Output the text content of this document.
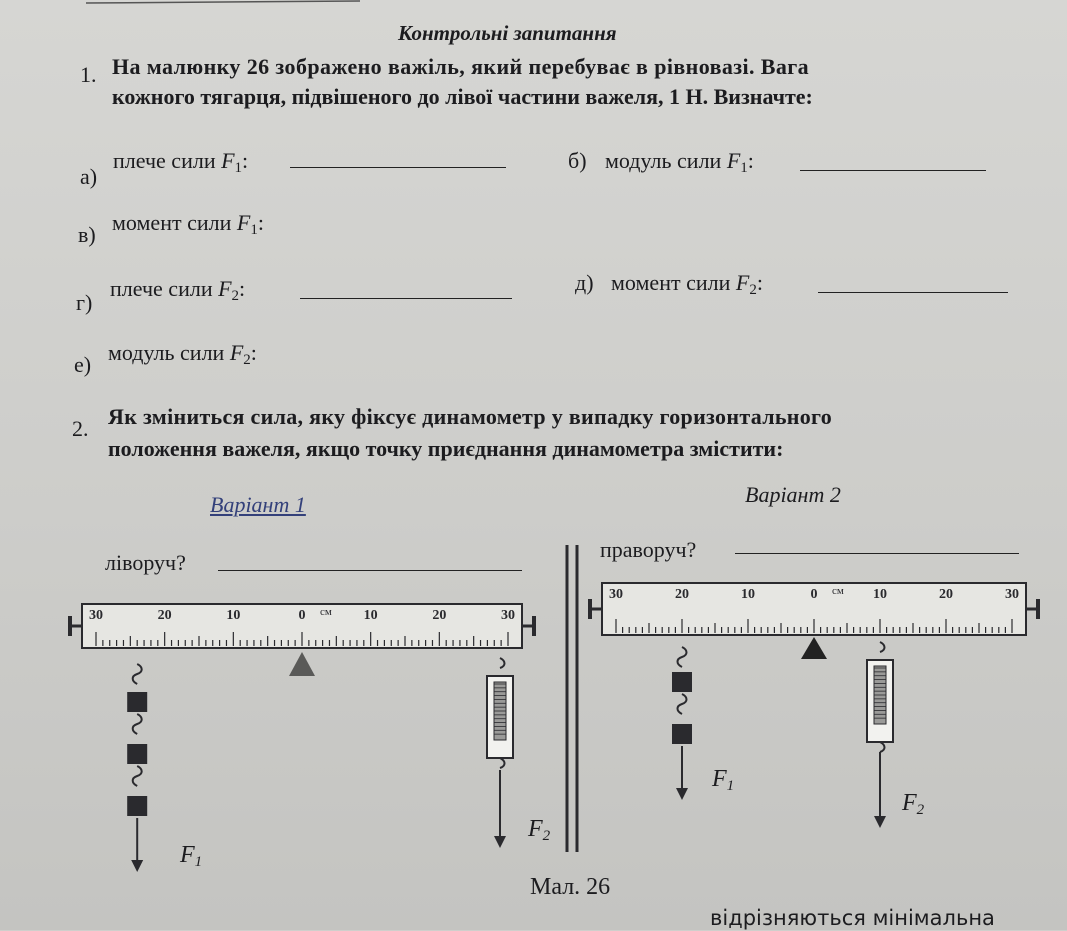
Контрольні запитання
1. На малюнку 26 зображено важіль, який перебуває в рівновазі. Вага
кожного тягарця, підвішеного до лівої частини важеля, 1 Н. Визначте:
а)
плече сили $F_1$:	б) модуль сили $F_1$:
в) момент сили $F_1$:
г)
плече сили $F_2$:	д) момент сили $F_2$:
е) модуль сили $F_2$:
2. Як зміниться сила, яку фіксує динамометр у випадку горизонтального
положення важеля, якщо точку приєднання динамометра змістити:
Варіант 1	Варіант 2
ліворуч?
праворуч?
30	20	10	0	10	20	30
см
30	20	10	0	10	20	30
см
$F_1$
$F_2$
$F_1$
$F_2$
Мал. 26
відрізняються мінімальна
